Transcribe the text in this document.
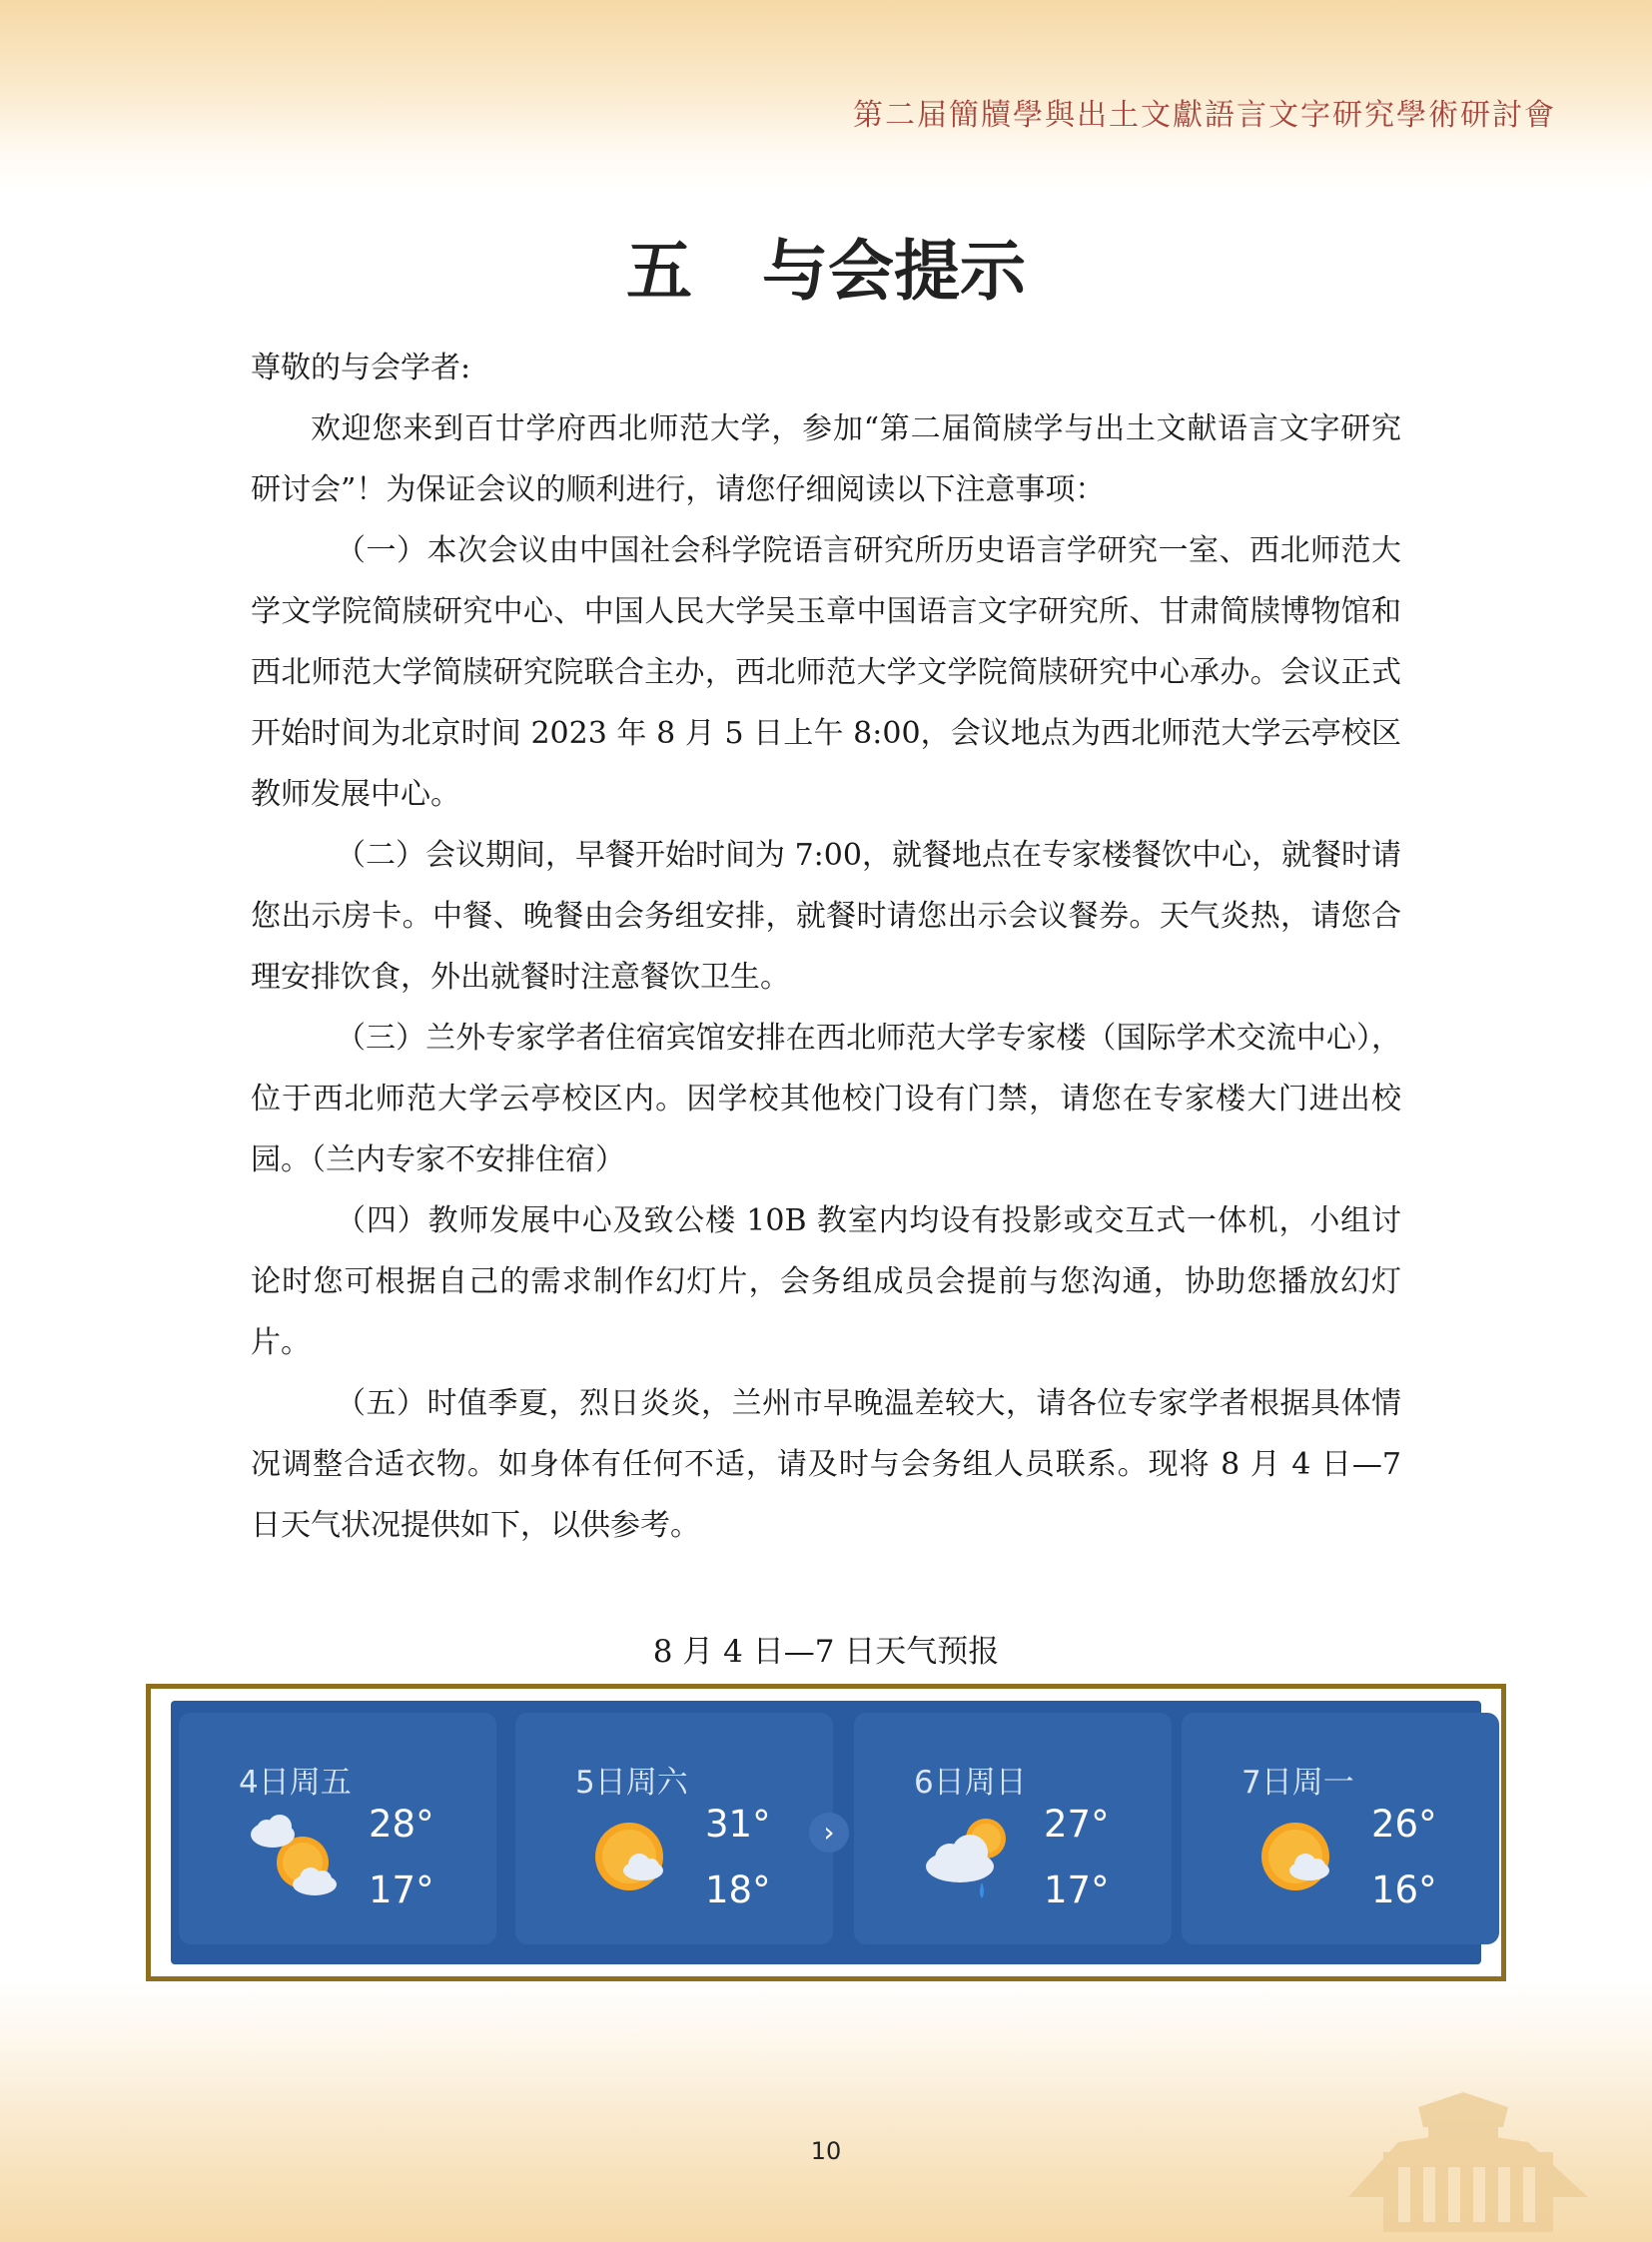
第二届簡牘學與出土文獻語言文字研究學術研討會
五 与会提示

尊敬的与会学者:

欢迎您来到百廿学府西北师范大学，参加“第二届简牍学与出土文献语言文字研究研讨会”！为保证会议的顺利进行，请您仔细阅读以下注意事项：

（一）本次会议由中国社会科学院语言研究所历史语言学研究一室、西北师范大学文学院简牍研究中心、中国人民大学吴玉章中国语言文字研究所、甘肃简牍博物馆和西北师范大学简牍研究院联合主办，西北师范大学文学院简牍研究中心承办。会议正式开始时间为北京时间 2023 年 8 月 5 日上午 8:00，会议地点为西北师范大学云亭校区教师发展中心。

（二）会议期间，早餐开始时间为 7:00，就餐地点在专家楼餐饮中心，就餐时请您出示房卡。中餐、晚餐由会务组安排，就餐时请您出示会议餐券。天气炎热，请您合理安排饮食，外出就餐时注意餐饮卫生。

（三）兰外专家学者住宿宾馆安排在西北师范大学专家楼（国际学术交流中心），位于西北师范大学云亭校区内。因学校其他校门设有门禁，请您在专家楼大门进出校园。（兰内专家不安排住宿）

（四）教师发展中心及致公楼 10B 教室内均设有投影或交互式一体机，小组讨论时您可根据自己的需求制作幻灯片，会务组成员会提前与您沟通，协助您播放幻灯片。

（五）时值季夏，烈日炎炎，兰州市早晚温差较大，请各位专家学者根据具体情况调整合适衣物。如身体有任何不适，请及时与会务组人员联系。现将 8 月 4 日—7 日天气状况提供如下，以供参考。

8 月 4 日—7 日天气预报
4日周五
28°
17°
5日周六
31°
18°
›
6日周日
27°
17°
7日周一
26°
16°
10
